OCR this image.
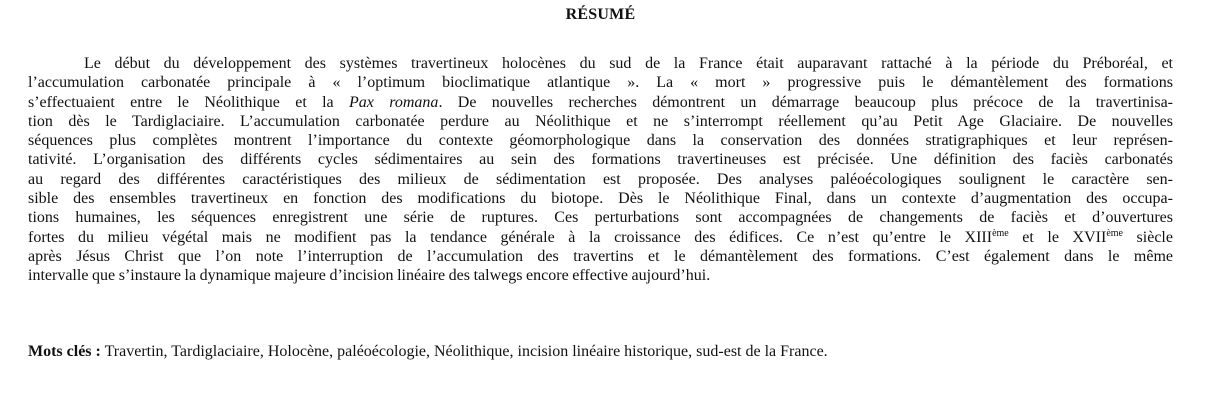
RÉSUMÉ
Le début du développement des systèmes travertineux holocènes du sud de la France était auparavant rattaché à la période du Préboréal, et
l’accumulation carbonatée principale à « l’optimum bioclimatique atlantique ». La « mort » progressive puis le démantèlement des formations
s’effectuaient entre le Néolithique et la Pax romana. De nouvelles recherches démontrent un démarrage beaucoup plus précoce de la travertinisa-
tion dès le Tardiglaciaire. L’accumulation carbonatée perdure au Néolithique et ne s’interrompt réellement qu’au Petit Age Glaciaire. De nouvelles
séquences plus complètes montrent l’importance du contexte géomorphologique dans la conservation des données stratigraphiques et leur représen-
tativité. L’organisation des différents cycles sédimentaires au sein des formations travertineuses est précisée. Une définition des faciès carbonatés
au regard des différentes caractéristiques des milieux de sédimentation est proposée. Des analyses paléoécologiques soulignent le caractère sen-
sible des ensembles travertineux en fonction des modifications du biotope. Dès le Néolithique Final, dans un contexte d’augmentation des occupa-
tions humaines, les séquences enregistrent une série de ruptures. Ces perturbations sont accompagnées de changements de faciès et d’ouvertures
fortes du milieu végétal mais ne modifient pas la tendance générale à la croissance des édifices. Ce n’est qu’entre le XIIIème et le XVIIème siècle
après Jésus Christ que l’on note l’interruption de l’accumulation des travertins et le démantèlement des formations. C’est également dans le même
intervalle que s’instaure la dynamique majeure d’incision linéaire des talwegs encore effective aujourd’hui.

Mots clés : Travertin, Tardiglaciaire, Holocène, paléoécologie, Néolithique, incision linéaire historique, sud-est de la France.
